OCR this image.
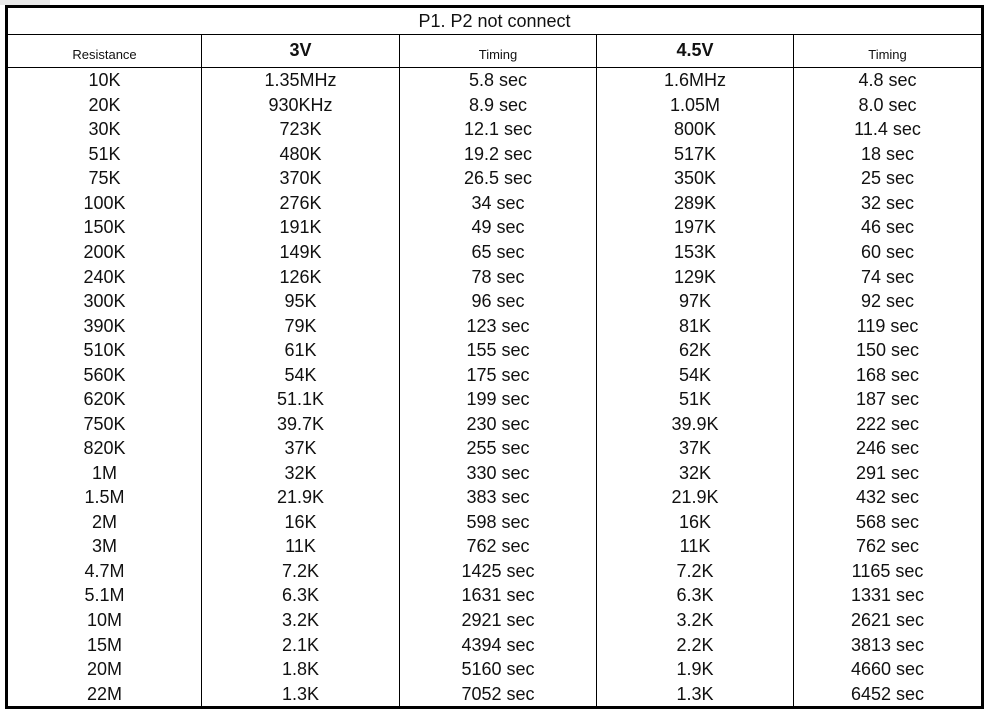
P1. P2 not connect				
Resistance	3V	Timing	4.5V	Timing
10K	1.35MHz	5.8 sec	1.6MHz	4.8 sec
20K	930KHz	8.9 sec	1.05M	8.0 sec
30K	723K	12.1 sec	800K	11.4 sec
51K	480K	19.2 sec	517K	18 sec
75K	370K	26.5 sec	350K	25 sec
100K	276K	34 sec	289K	32 sec
150K	191K	49 sec	197K	46 sec
200K	149K	65 sec	153K	60 sec
240K	126K	78 sec	129K	74 sec
300K	95K	96 sec	97K	92 sec
390K	79K	123 sec	81K	119 sec
510K	61K	155 sec	62K	150 sec
560K	54K	175 sec	54K	168 sec
620K	51.1K	199 sec	51K	187 sec
750K	39.7K	230 sec	39.9K	222 sec
820K	37K	255 sec	37K	246 sec
1M	32K	330 sec	32K	291 sec
1.5M	21.9K	383 sec	21.9K	432 sec
2M	16K	598 sec	16K	568 sec
3M	11K	762 sec	11K	762 sec
4.7M	7.2K	1425 sec	7.2K	1165 sec
5.1M	6.3K	1631 sec	6.3K	1331 sec
10M	3.2K	2921 sec	3.2K	2621 sec
15M	2.1K	4394 sec	2.2K	3813 sec
20M	1.8K	5160 sec	1.9K	4660 sec
22M	1.3K	7052 sec	1.3K	6452 sec
